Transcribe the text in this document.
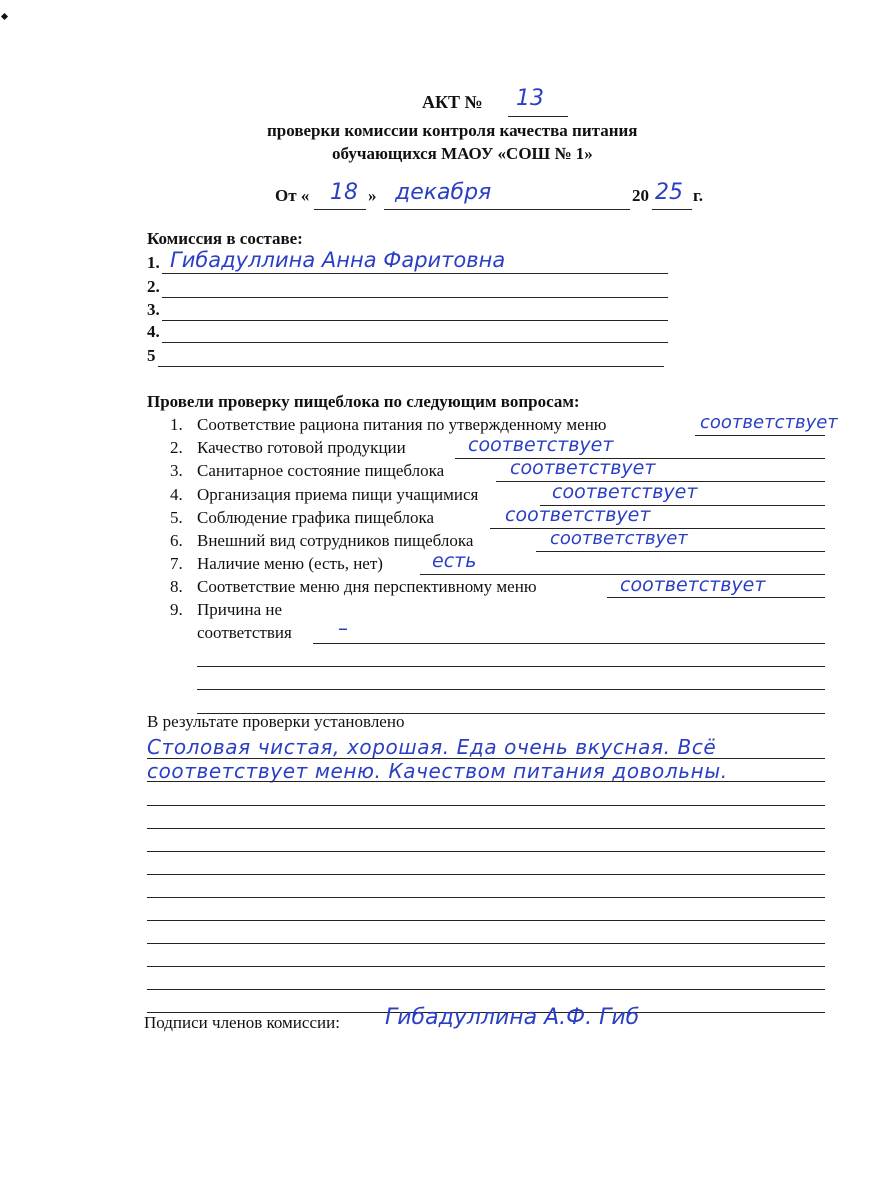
АКТ № 13
проверки комиссии контроля качества питания
обучающихся МАОУ «СОШ № 1»
От « 18 » декабря	20 25 г.
Комиссия в составе:
1. Гибадуллина Анна Фаритовна
2.
3.
4.
5
Провели проверку пищеблока по следующим вопросам:
1. Соответствие рациона питания по утвержденному меню	соответствует
2. Качество готовой продукции	соответствует
3. Санитарное состояние пищеблока	соответствует
4. Организация приема пищи учащимися	соответствует
5. Соблюдение графика пищеблока	соответствует
6. Внешний вид сотрудников пищеблока	соответствует
7. Наличие меню (есть, нет)	есть
8. Соответствие меню дня перспективному меню	соответствует
9. Причина не
соответствия –
В результате проверки установлено
Столовая чистая, хорошая. Еда очень вкусная. Всё
соответствует меню. Качеством питания довольны.
Подписи членов комиссии: Гибадуллина А.Ф. Гиб
